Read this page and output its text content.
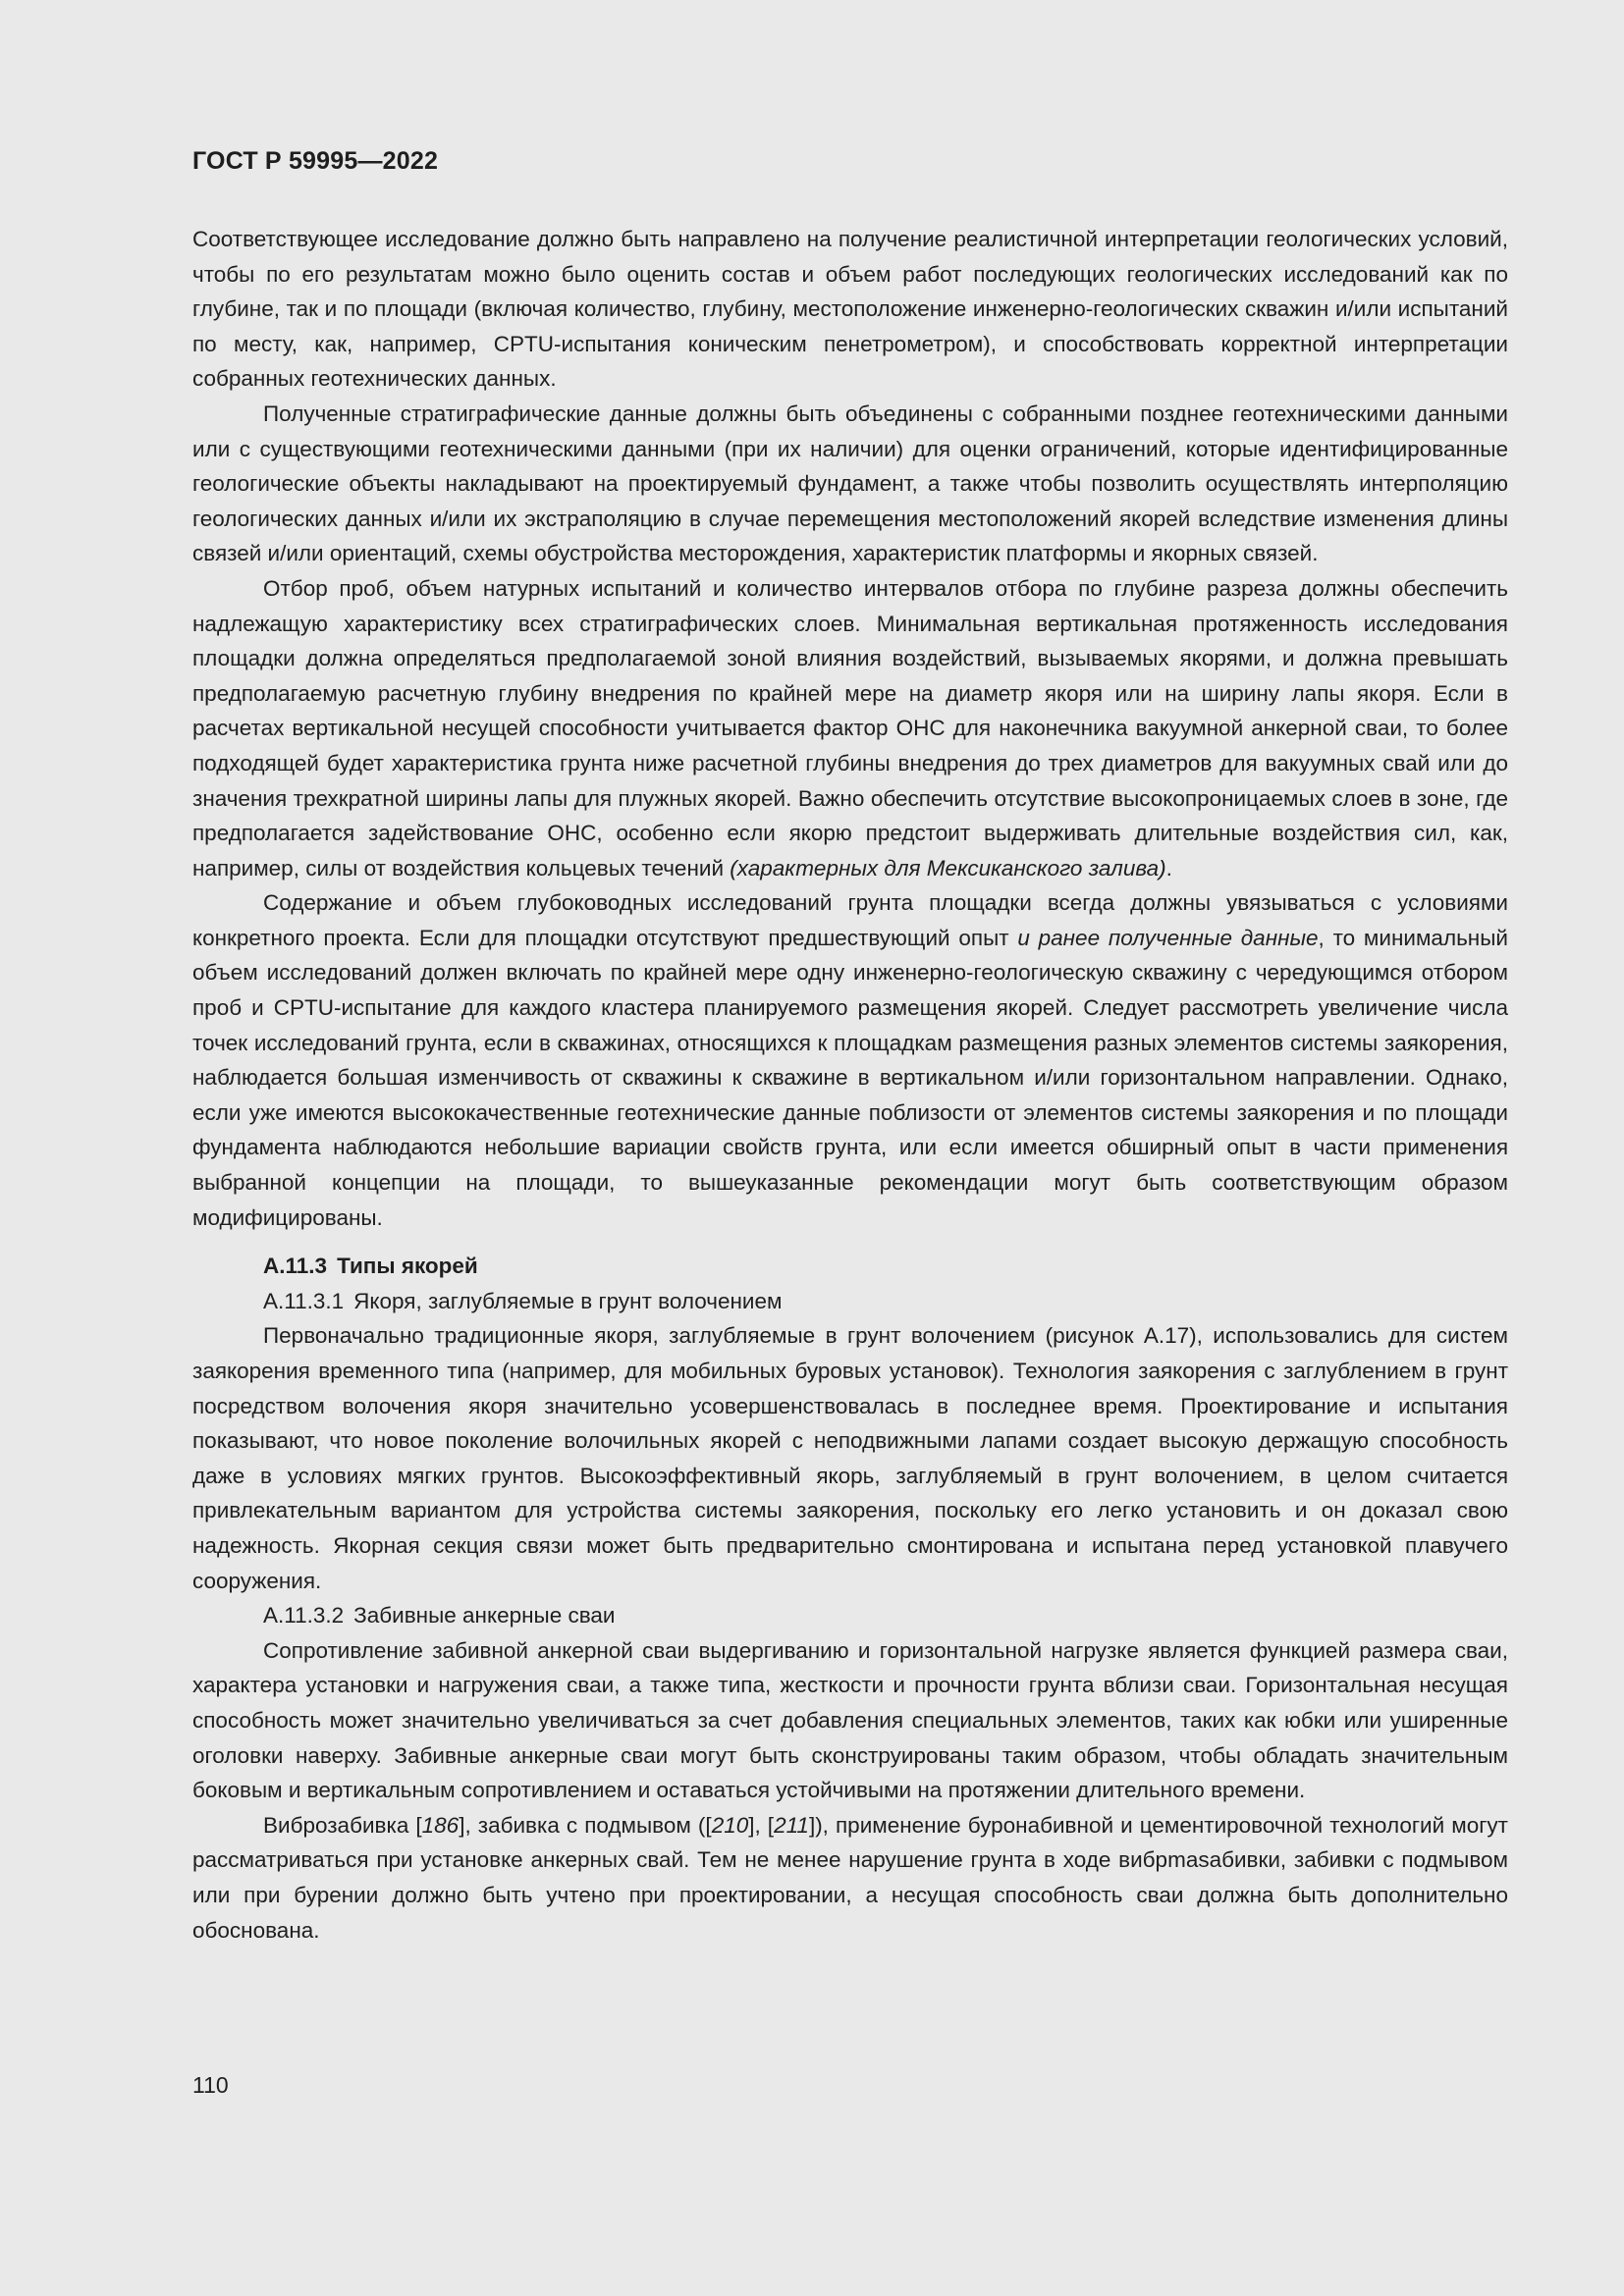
ГОСТ Р 59995—2022

Соответствующее исследование должно быть направлено на получение реалистичной интерпретации геологических условий, чтобы по его результатам можно было оценить состав и объем работ последующих геологических исследований как по глубине, так и по площади (включая количество, глубину, местоположение инженерно-геологических скважин и/или испытаний по месту, как, например, CPTU-испытания коническим пенетрометром), и способствовать корректной интерпретации собранных геотехнических данных.

Полученные стратиграфические данные должны быть объединены с собранными позднее геотехническими данными или с существующими геотехническими данными (при их наличии) для оценки ограничений, которые идентифицированные геологические объекты накладывают на проектируемый фундамент, а также чтобы позволить осуществлять интерполяцию геологических данных и/или их экстраполяцию в случае перемещения местоположений якорей вследствие изменения длины связей и/или ориентаций, схемы обустройства месторождения, характеристик платформы и якорных связей.

Отбор проб, объем натурных испытаний и количество интервалов отбора по глубине разреза должны обеспечить надлежащую характеристику всех стратиграфических слоев. Минимальная вертикальная протяженность исследования площадки должна определяться предполагаемой зоной влияния воздействий, вызываемых якорями, и должна превышать предполагаемую расчетную глубину внедрения по крайней мере на диаметр якоря или на ширину лапы якоря. Если в расчетах вертикальной несущей способности учитывается фактор ОНС для наконечника вакуумной анкерной сваи, то более подходящей будет характеристика грунта ниже расчетной глубины внедрения до трех диаметров для вакуумных свай или до значения трехкратной ширины лапы для плужных якорей. Важно обеспечить отсутствие высокопроницаемых слоев в зоне, где предполагается задействование ОНС, особенно если якорю предстоит выдерживать длительные воздействия сил, как, например, силы от воздействия кольцевых течений (характерных для Мексиканского залива).

Содержание и объем глубоководных исследований грунта площадки всегда должны увязываться с условиями конкретного проекта. Если для площадки отсутствуют предшествующий опыт и ранее полученные данные, то минимальный объем исследований должен включать по крайней мере одну инженерно-геологическую скважину с чередующимся отбором проб и CPTU-испытание для каждого кластера планируемого размещения якорей. Следует рассмотреть увеличение числа точек исследований грунта, если в скважинах, относящихся к площадкам размещения разных элементов системы заякорения, наблюдается большая изменчивость от скважины к скважине в вертикальном и/или горизонтальном направлении. Однако, если уже имеются высококачественные геотехнические данные поблизости от элементов системы заякорения и по площади фундамента наблюдаются небольшие вариации свойств грунта, или если имеется обширный опыт в части применения выбранной концепции на площади, то вышеуказанные рекомендации могут быть соответствующим образом модифицированы.

А.11.3 Типы якорей

А.11.3.1 Якоря, заглубляемые в грунт волочением

Первоначально традиционные якоря, заглубляемые в грунт волочением (рисунок А.17), использовались для систем заякорения временного типа (например, для мобильных буровых установок). Технология заякорения с заглублением в грунт посредством волочения якоря значительно усовершенствовалась в последнее время. Проектирование и испытания показывают, что новое поколение волочильных якорей с неподвижными лапами создает высокую держащую способность даже в условиях мягких грунтов. Высокоэффективный якорь, заглубляемый в грунт волочением, в целом считается привлекательным вариантом для устройства системы заякорения, поскольку его легко установить и он доказал свою надежность. Якорная секция связи может быть предварительно смонтирована и испытана перед установкой плавучего сооружения.

А.11.3.2 Забивные анкерные сваи

Сопротивление забивной анкерной сваи выдергиванию и горизонтальной нагрузке является функцией размера сваи, характера установки и нагружения сваи, а также типа, жесткости и прочности грунта вблизи сваи. Горизонтальная несущая способность может значительно увеличиваться за счет добавления специальных элементов, таких как юбки или уширенные оголовки наверху. Забивные анкерные сваи могут быть сконструированы таким образом, чтобы обладать значительным боковым и вертикальным сопротивлением и оставаться устойчивыми на протяжении длительного времени.

Виброзабивка [186], забивка с подмывом ([210], [211]), применение буронабивной и цементировочной технологий могут рассматриваться при установке анкерных свай. Тем не менее нарушение грунта в ходе вибрmasaбивки, забивки с подмывом или при бурении должно быть учтено при проектировании, а несущая способность сваи должна быть дополнительно обоснована.

110
